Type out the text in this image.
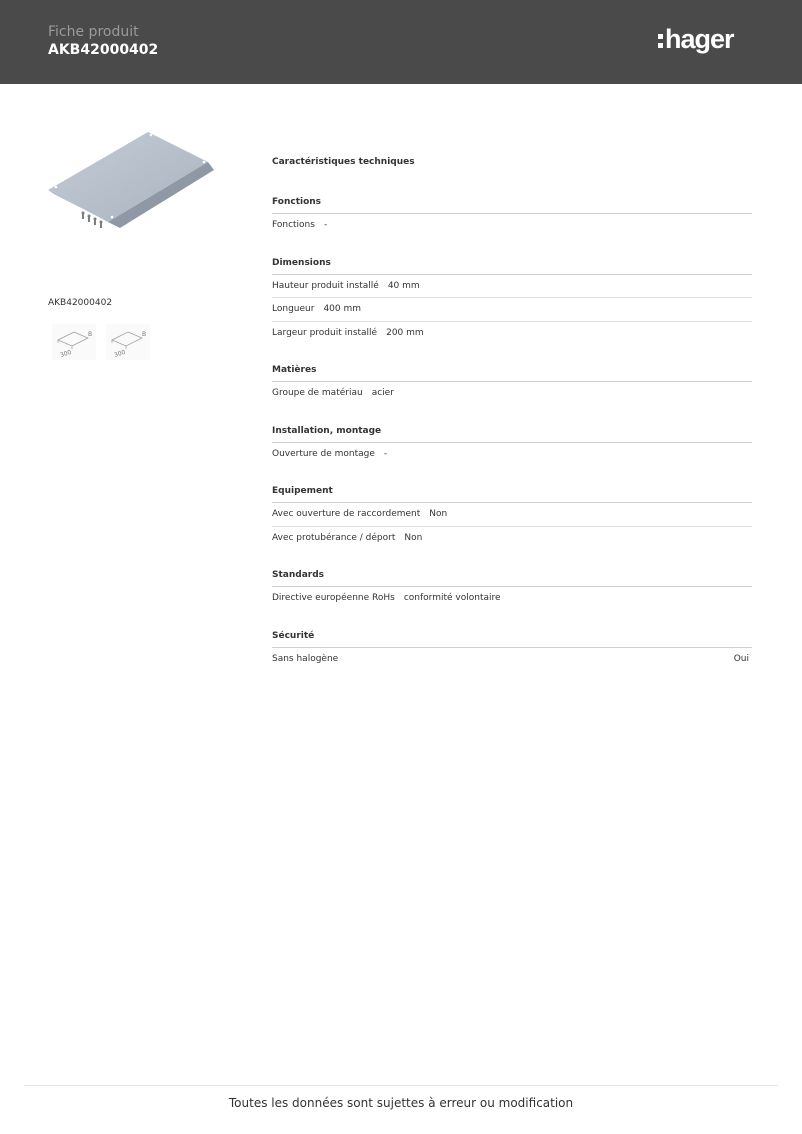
Fiche produit
AKB42000402	hager
AKB42000402
300
B
300
B
Caractéristiques techniques
Fonctions
Fonctions -
Dimensions
Hauteur produit installé 40 mm
Longueur 400 mm
Largeur produit installé 200 mm
Matières
Groupe de matériau acier
Installation, montage
Ouverture de montage -
Equipement
Avec ouverture de raccordement Non
Avec protubérance / déport Non
Standards
Directive européenne RoHs conformité volontaire
Sécurité
Sans halogène	Oui
Toutes les données sont sujettes à erreur ou modification
